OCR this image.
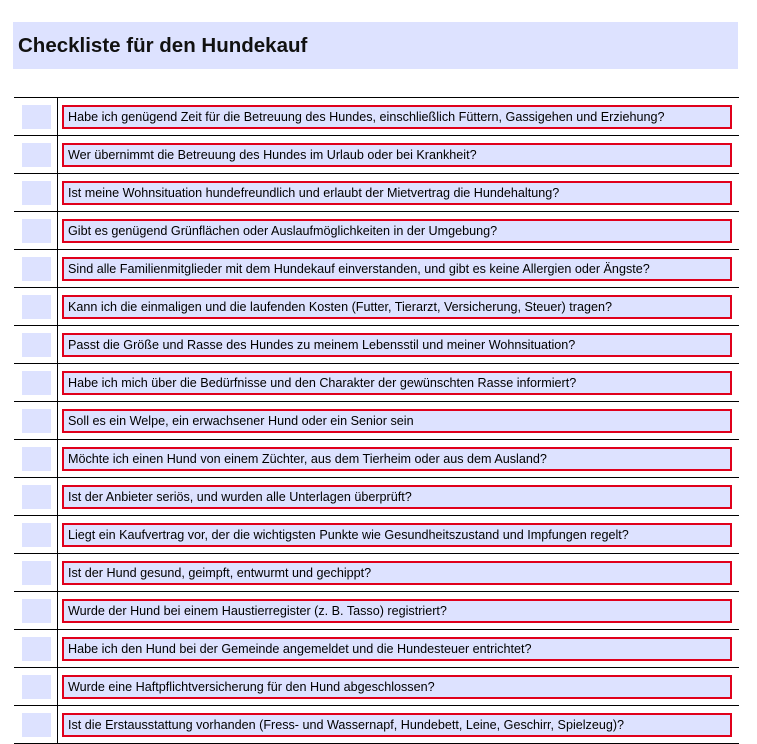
Checkliste für den Hundekauf
Habe ich genügend Zeit für die Betreuung des Hundes, einschließlich Füttern, Gassigehen und Erziehung?
Wer übernimmt die Betreuung des Hundes im Urlaub oder bei Krankheit?
Ist meine Wohnsituation hundefreundlich und erlaubt der Mietvertrag die Hundehaltung?
Gibt es genügend Grünflächen oder Auslaufmöglichkeiten in der Umgebung?
Sind alle Familienmitglieder mit dem Hundekauf einverstanden, und gibt es keine Allergien oder Ängste?
Kann ich die einmaligen und die laufenden Kosten (Futter, Tierarzt, Versicherung, Steuer) tragen?
Passt die Größe und Rasse des Hundes zu meinem Lebensstil und meiner Wohnsituation?
Habe ich mich über die Bedürfnisse und den Charakter der gewünschten Rasse informiert?
Soll es ein Welpe, ein erwachsener Hund oder ein Senior sein
Möchte ich einen Hund von einem Züchter, aus dem Tierheim oder aus dem Ausland?
Ist der Anbieter seriös, und wurden alle Unterlagen überprüft?
Liegt ein Kaufvertrag vor, der die wichtigsten Punkte wie Gesundheitszustand und Impfungen regelt?
Ist der Hund gesund, geimpft, entwurmt und gechippt?
Wurde der Hund bei einem Haustierregister (z. B. Tasso) registriert?
Habe ich den Hund bei der Gemeinde angemeldet und die Hundesteuer entrichtet?
Wurde eine Haftpflichtversicherung für den Hund abgeschlossen?
Ist die Erstausstattung vorhanden (Fress- und Wassernapf, Hundebett, Leine, Geschirr, Spielzeug)?
